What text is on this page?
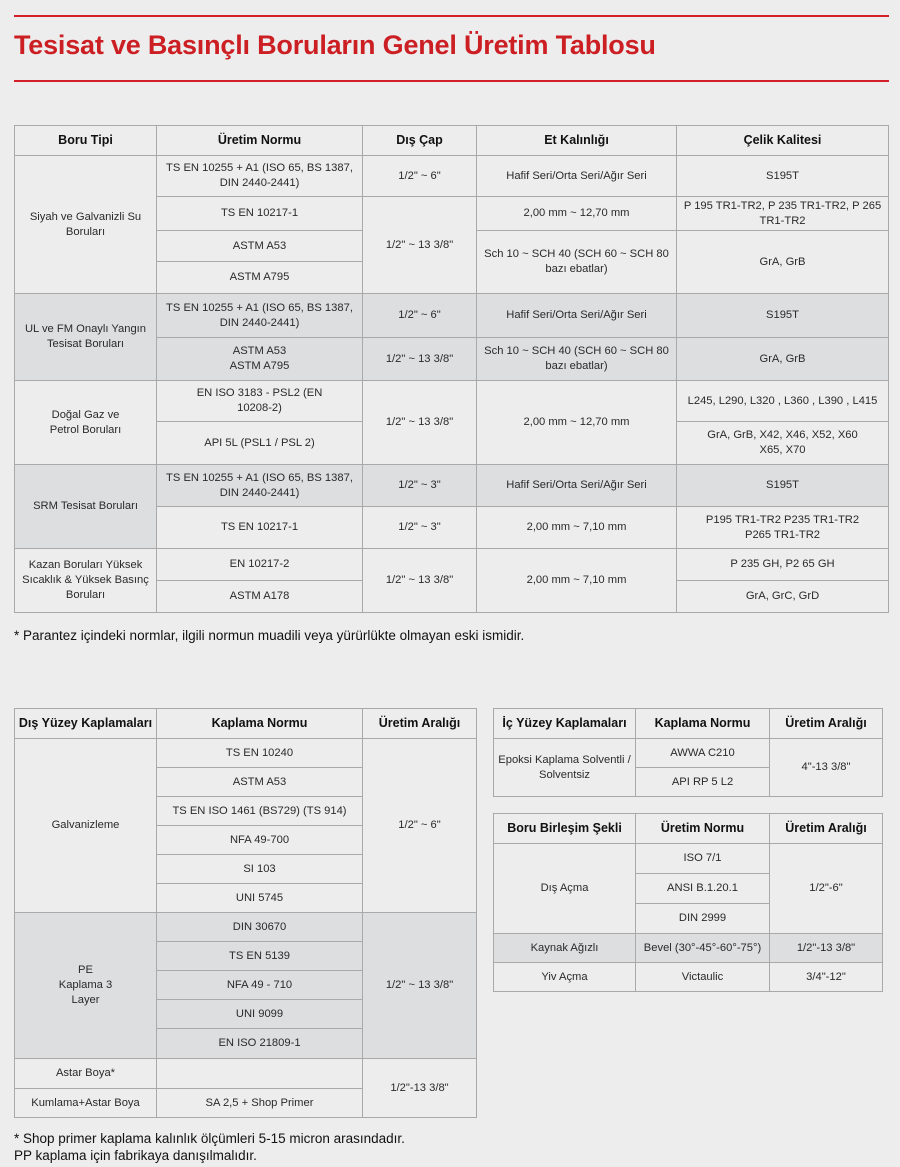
Tesisat ve Basınçlı Boruların Genel Üretim Tablosu
Boru Tipi	Üretim Normu	Dış Çap	Et Kalınlığı	Çelik Kalitesi
Siyah ve Galvanizli Su Boruları	TS EN 10255 + A1 (ISO 65, BS 1387, DIN 2440-2441)	1/2" ~ 6"	Hafif Seri/Orta Seri/Ağır Seri	S195T
	TS EN 10217-1	1/2" ~ 13 3/8"	2,00 mm ~ 12,70 mm	P 195 TR1-TR2, P 235 TR1-TR2, P 265 TR1-TR2
	ASTM A53		Sch 10 ~ SCH 40 (SCH 60 ~ SCH 80 bazı ebatlar)	GrA, GrB
	ASTM A795			
UL ve FM Onaylı Yangın Tesisat Boruları	TS EN 10255 + A1 (ISO 65, BS 1387, DIN 2440-2441)	1/2" ~ 6"	Hafif Seri/Orta Seri/Ağır Seri	S195T
	ASTM A53 ASTM A795	1/2" ~ 13 3/8"	Sch 10 ~ SCH 40 (SCH 60 ~ SCH 80 bazı ebatlar)	GrA, GrB
Doğal Gaz ve Petrol Boruları	EN ISO 3183 - PSL2 (EN 10208-2)	1/2" ~ 13 3/8"	2,00 mm ~ 12,70 mm	L245, L290, L320 , L360 , L390 , L415
	API 5L (PSL1 / PSL 2)			GrA, GrB, X42, X46, X52, X60 X65, X70
SRM Tesisat Boruları	TS EN 10255 + A1 (ISO 65, BS 1387, DIN 2440-2441)	1/2" ~ 3"	Hafif Seri/Orta Seri/Ağır Seri	S195T
	TS EN 10217-1	1/2" ~ 3"	2,00 mm ~ 7,10 mm	P195 TR1-TR2 P235 TR1-TR2 P265 TR1-TR2
Kazan Boruları Yüksek Sıcaklık & Yüksek Basınç Boruları	EN 10217-2	1/2" ~ 13 3/8"	2,00 mm ~ 7,10 mm	P 235 GH, P2 65 GH
	ASTM A178			GrA, GrC, GrD
* Parantez içindeki normlar, ilgili normun muadili veya yürürlükte olmayan eski ismidir.
Dış Yüzey Kaplamaları	Kaplama Normu	Üretim Aralığı
Galvanizleme	TS EN 10240	1/2" ~ 6"
	ASTM A53	
	TS EN ISO 1461 (BS729) (TS 914)	
	NFA 49-700	
	SI 103	
	UNI 5745	
PE Kaplama 3 Layer	DIN 30670	1/2" ~ 13 3/8"
	TS EN 5139	
	NFA 49 - 710	
	UNI 9099	
	EN ISO 21809-1	
Astar Boya*		1/2"-13 3/8"
Kumlama+Astar Boya	SA 2,5 + Shop Primer	
İç Yüzey Kaplamaları	Kaplama Normu	Üretim Aralığı
Epoksi Kaplama Solventli / Solventsiz	AWWA C210	4"-13 3/8"
	API RP 5 L2	
Boru Birleşim Şekli	Üretim Normu	Üretim Aralığı
Dış Açma	ISO 7/1	1/2"-6"
	ANSI B.1.20.1	
	DIN 2999	
Kaynak Ağızlı	Bevel (30°-45°-60°-75°)	1/2"-13 3/8"
Yiv Açma	Victaulic	3/4"-12"
* Shop primer kaplama kalınlık ölçümleri 5-15 micron arasındadır.
PP kaplama için fabrikaya danışılmalıdır.
